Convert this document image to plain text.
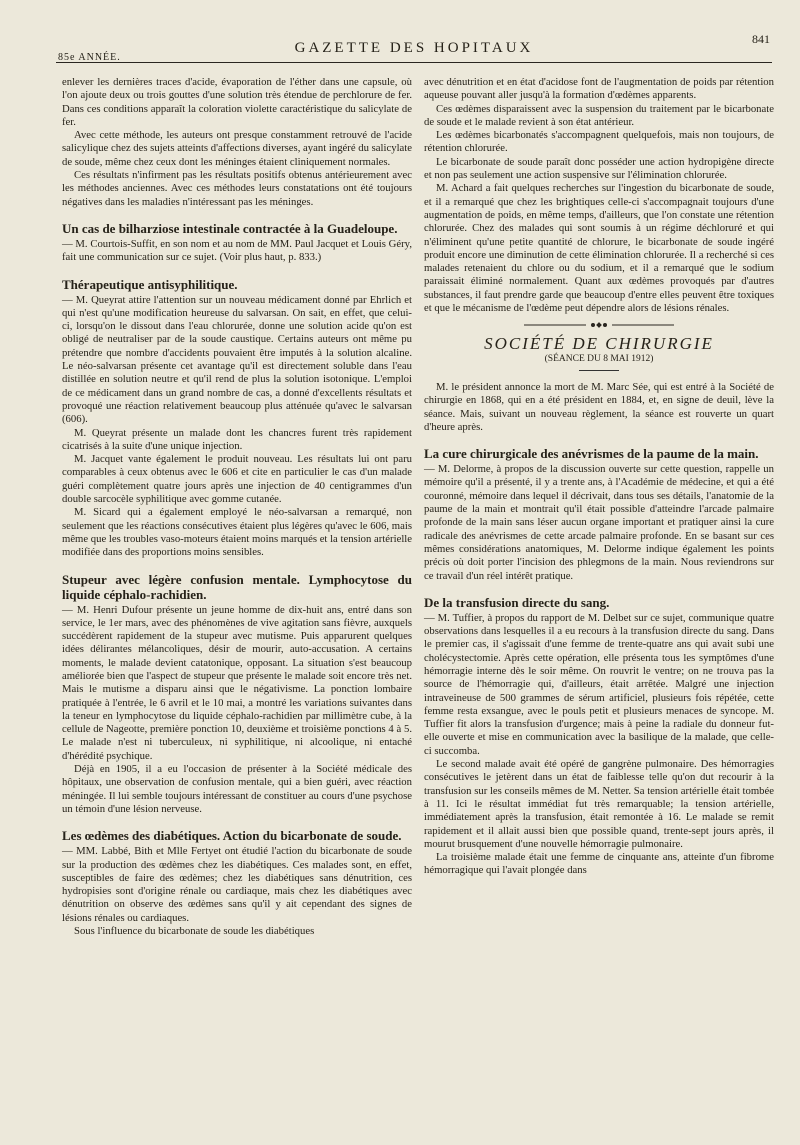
85e ANNÉE.
GAZETTE DES HOPITAUX
841

enlever les dernières traces d'acide, évaporation de l'éther dans une capsule, où l'on ajoute deux ou trois gouttes d'une solution très étendue de perchlorure de fer. Dans ces conditions apparaît la coloration violette caractéristique du salicylate de fer.

Avec cette méthode, les auteurs ont presque constamment retrouvé de l'acide salicylique chez des sujets atteints d'affections diverses, ayant ingéré du salicylate de soude, même chez ceux dont les méninges étaient cliniquement normales.

Ces résultats n'infirment pas les résultats positifs obtenus antérieurement avec les méthodes anciennes. Avec ces méthodes leurs constatations ont été toujours négatives dans les maladies n'intéressant pas les méninges.

Un cas de bilharziose intestinale contractée à la Guadeloupe.

— M. Courtois-Suffit, en son nom et au nom de MM. Paul Jacquet et Louis Géry, fait une communication sur ce sujet. (Voir plus haut, p. 833.)

Thérapeutique antisyphilitique.

— M. Queyrat attire l'attention sur un nouveau médicament donné par Ehrlich et qui n'est qu'une modification heureuse du salvarsan. On sait, en effet, que celui-ci, lorsqu'on le dissout dans l'eau chlorurée, donne une solution acide qu'on est obligé de neutraliser par de la soude caustique. Certains auteurs ont même pu prétendre que nombre d'accidents pouvaient être imputés à la solution alcaline. Le néo-salvarsan présente cet avantage qu'il est directement soluble dans l'eau distillée en solution neutre et qu'il rend de plus la solution isotonique. L'emploi de ce médicament dans un grand nombre de cas, a donné d'excellents résultats et provoqué une réaction relativement beaucoup plus atténuée qu'avec le salvarsan (606).

M. Queyrat présente un malade dont les chancres furent très rapidement cicatrisés à la suite d'une unique injection.

M. Jacquet vante également le produit nouveau. Les résultats lui ont paru comparables à ceux obtenus avec le 606 et cite en particulier le cas d'un malade guéri complètement quatre jours après une injection de 40 centigrammes d'un double sarcocèle syphilitique avec gomme cutanée.

M. Sicard qui a également employé le néo-salvarsan a remarqué, non seulement que les réactions consécutives étaient plus légères qu'avec le 606, mais même que les troubles vaso-moteurs étaient moins marqués et la tension artérielle modifiée dans des proportions moins sensibles.

Stupeur avec légère confusion mentale. Lymphocytose du liquide céphalo-rachidien.

— M. Henri Dufour présente un jeune homme de dix-huit ans, entré dans son service, le 1er mars, avec des phénomènes de vive agitation sans fièvre, auxquels succédèrent rapidement de la stupeur avec mutisme. Puis apparurent quelques idées délirantes mélancoliques, désir de mourir, auto-accusation. A certains moments, le malade devient catatonique, opposant. La situation s'est beaucoup améliorée bien que l'aspect de stupeur que présente le malade soit encore très net. Mais le mutisme a disparu ainsi que le négativisme. La ponction lombaire pratiquée à l'entrée, le 6 avril et le 10 mai, a montré les variations suivantes dans la teneur en lymphocytose du liquide céphalo-rachidien par millimètre cube, à la cellule de Nageotte, première ponction 10, deuxième et troisième ponctions 4 à 5. Le malade n'est ni tuberculeux, ni syphilitique, ni alcoolique, ni entaché d'hérédité psychique.

Déjà en 1905, il a eu l'occasion de présenter à la Société médicale des hôpitaux, une observation de confusion mentale, qui a bien guéri, avec réaction méningée. Il lui semble toujours intéressant de constituer au cours d'une psychose un témoin d'une lésion nerveuse.

Les œdèmes des diabétiques. Action du bicarbonate de soude.

— MM. Labbé, Bith et Mlle Fertyet ont étudié l'action du bicarbonate de soude sur la production des œdèmes chez les diabétiques. Ces malades sont, en effet, susceptibles de faire des œdèmes; chez les diabétiques sans dénutrition, ces hydropisies sont d'origine rénale ou cardiaque, mais chez les diabétiques avec dénutrition on observe des œdèmes sans qu'il y ait cependant des signes de lésions rénales ou cardiaques.

Sous l'influence du bicarbonate de soude les diabétiques

avec dénutrition et en état d'acidose font de l'augmentation de poids par rétention aqueuse pouvant aller jusqu'à la formation d'œdèmes apparents.

Ces œdèmes disparaissent avec la suspension du traitement par le bicarbonate de soude et le malade revient à son état antérieur.

Les œdèmes bicarbonatés s'accompagnent quelquefois, mais non toujours, de rétention chlorurée.

Le bicarbonate de soude paraît donc posséder une action hydropigène directe et non pas seulement une action suspensive sur l'élimination chlorurée.

M. Achard a fait quelques recherches sur l'ingestion du bicarbonate de soude, et il a remarqué que chez les brightiques celle-ci s'accompagnait toujours d'une augmentation de poids, en même temps, d'ailleurs, que l'on constate une rétention chlorurée. Chez des malades qui sont soumis à un régime déchloruré et qui n'éliminent qu'une petite quantité de chlorure, le bicarbonate de soude ingéré produit encore une diminution de cette élimination chlorurée. Il a recherché si ces malades retenaient du chlore ou du sodium, et il a remarqué que le sodium paraissait éliminé normalement. Quant aux œdèmes provoqués par d'autres substances, il faut prendre garde que beaucoup d'entre elles peuvent être toxiques et que le mécanisme de l'œdème peut dépendre alors de lésions rénales.

SOCIÉTÉ DE CHIRURGIE
(SÉANCE DU 8 MAI 1912)

M. le président annonce la mort de M. Marc Sée, qui est entré à la Société de chirurgie en 1868, qui en a été président en 1884, et, en signe de deuil, lève la séance. Mais, suivant un nouveau règlement, la séance est rouverte un quart d'heure après.

La cure chirurgicale des anévrismes de la paume de la main.

— M. Delorme, à propos de la discussion ouverte sur cette question, rappelle un mémoire qu'il a présenté, il y a trente ans, à l'Académie de médecine, et qui a été couronné, mémoire dans lequel il décrivait, dans tous ses détails, l'anatomie de la paume de la main et montrait qu'il était possible d'atteindre l'arcade palmaire profonde de la main sans léser aucun organe important et pratiquer ainsi la cure radicale des anévrismes de cette arcade palmaire profonde. En se basant sur ces mêmes considérations anatomiques, M. Delorme indique également les points précis où doit porter l'incision des phlegmons de la main. Nous reviendrons sur ce travail d'un réel intérêt pratique.

De la transfusion directe du sang.

— M. Tuffier, à propos du rapport de M. Delbet sur ce sujet, communique quatre observations dans lesquelles il a eu recours à la transfusion directe du sang. Dans le premier cas, il s'agissait d'une femme de trente-quatre ans qui avait subi une cholécystectomie. Après cette opération, elle présenta tous les symptômes d'une hémorragie interne dès le soir même. On rouvrit le ventre; on ne trouva pas la source de l'hémorragie qui, d'ailleurs, était arrêtée. Malgré une injection intraveineuse de 500 grammes de sérum artificiel, plusieurs fois répétée, cette femme resta exsangue, avec le pouls petit et plusieurs menaces de syncope. M. Tuffier fit alors la transfusion d'urgence; mais à peine la radiale du donneur fut-elle ouverte et mise en communication avec la basilique de la malade, que celle-ci succomba.

Le second malade avait été opéré de gangrène pulmonaire. Des hémorragies consécutives le jetèrent dans un état de faiblesse telle qu'on dut recourir à la transfusion sur les conseils mêmes de M. Netter. Sa tension artérielle était tombée à 11. Ici le résultat immédiat fut très remarquable; la tension artérielle, immédiatement après la transfusion, était remontée à 16. Le malade se remit rapidement et il allait aussi bien que possible quand, trente-sept jours après, il mourut brusquement d'une nouvelle hémorragie pulmonaire.

La troisième malade était une femme de cinquante ans, atteinte d'un fibrome hémorragique qui l'avait plongée dans
